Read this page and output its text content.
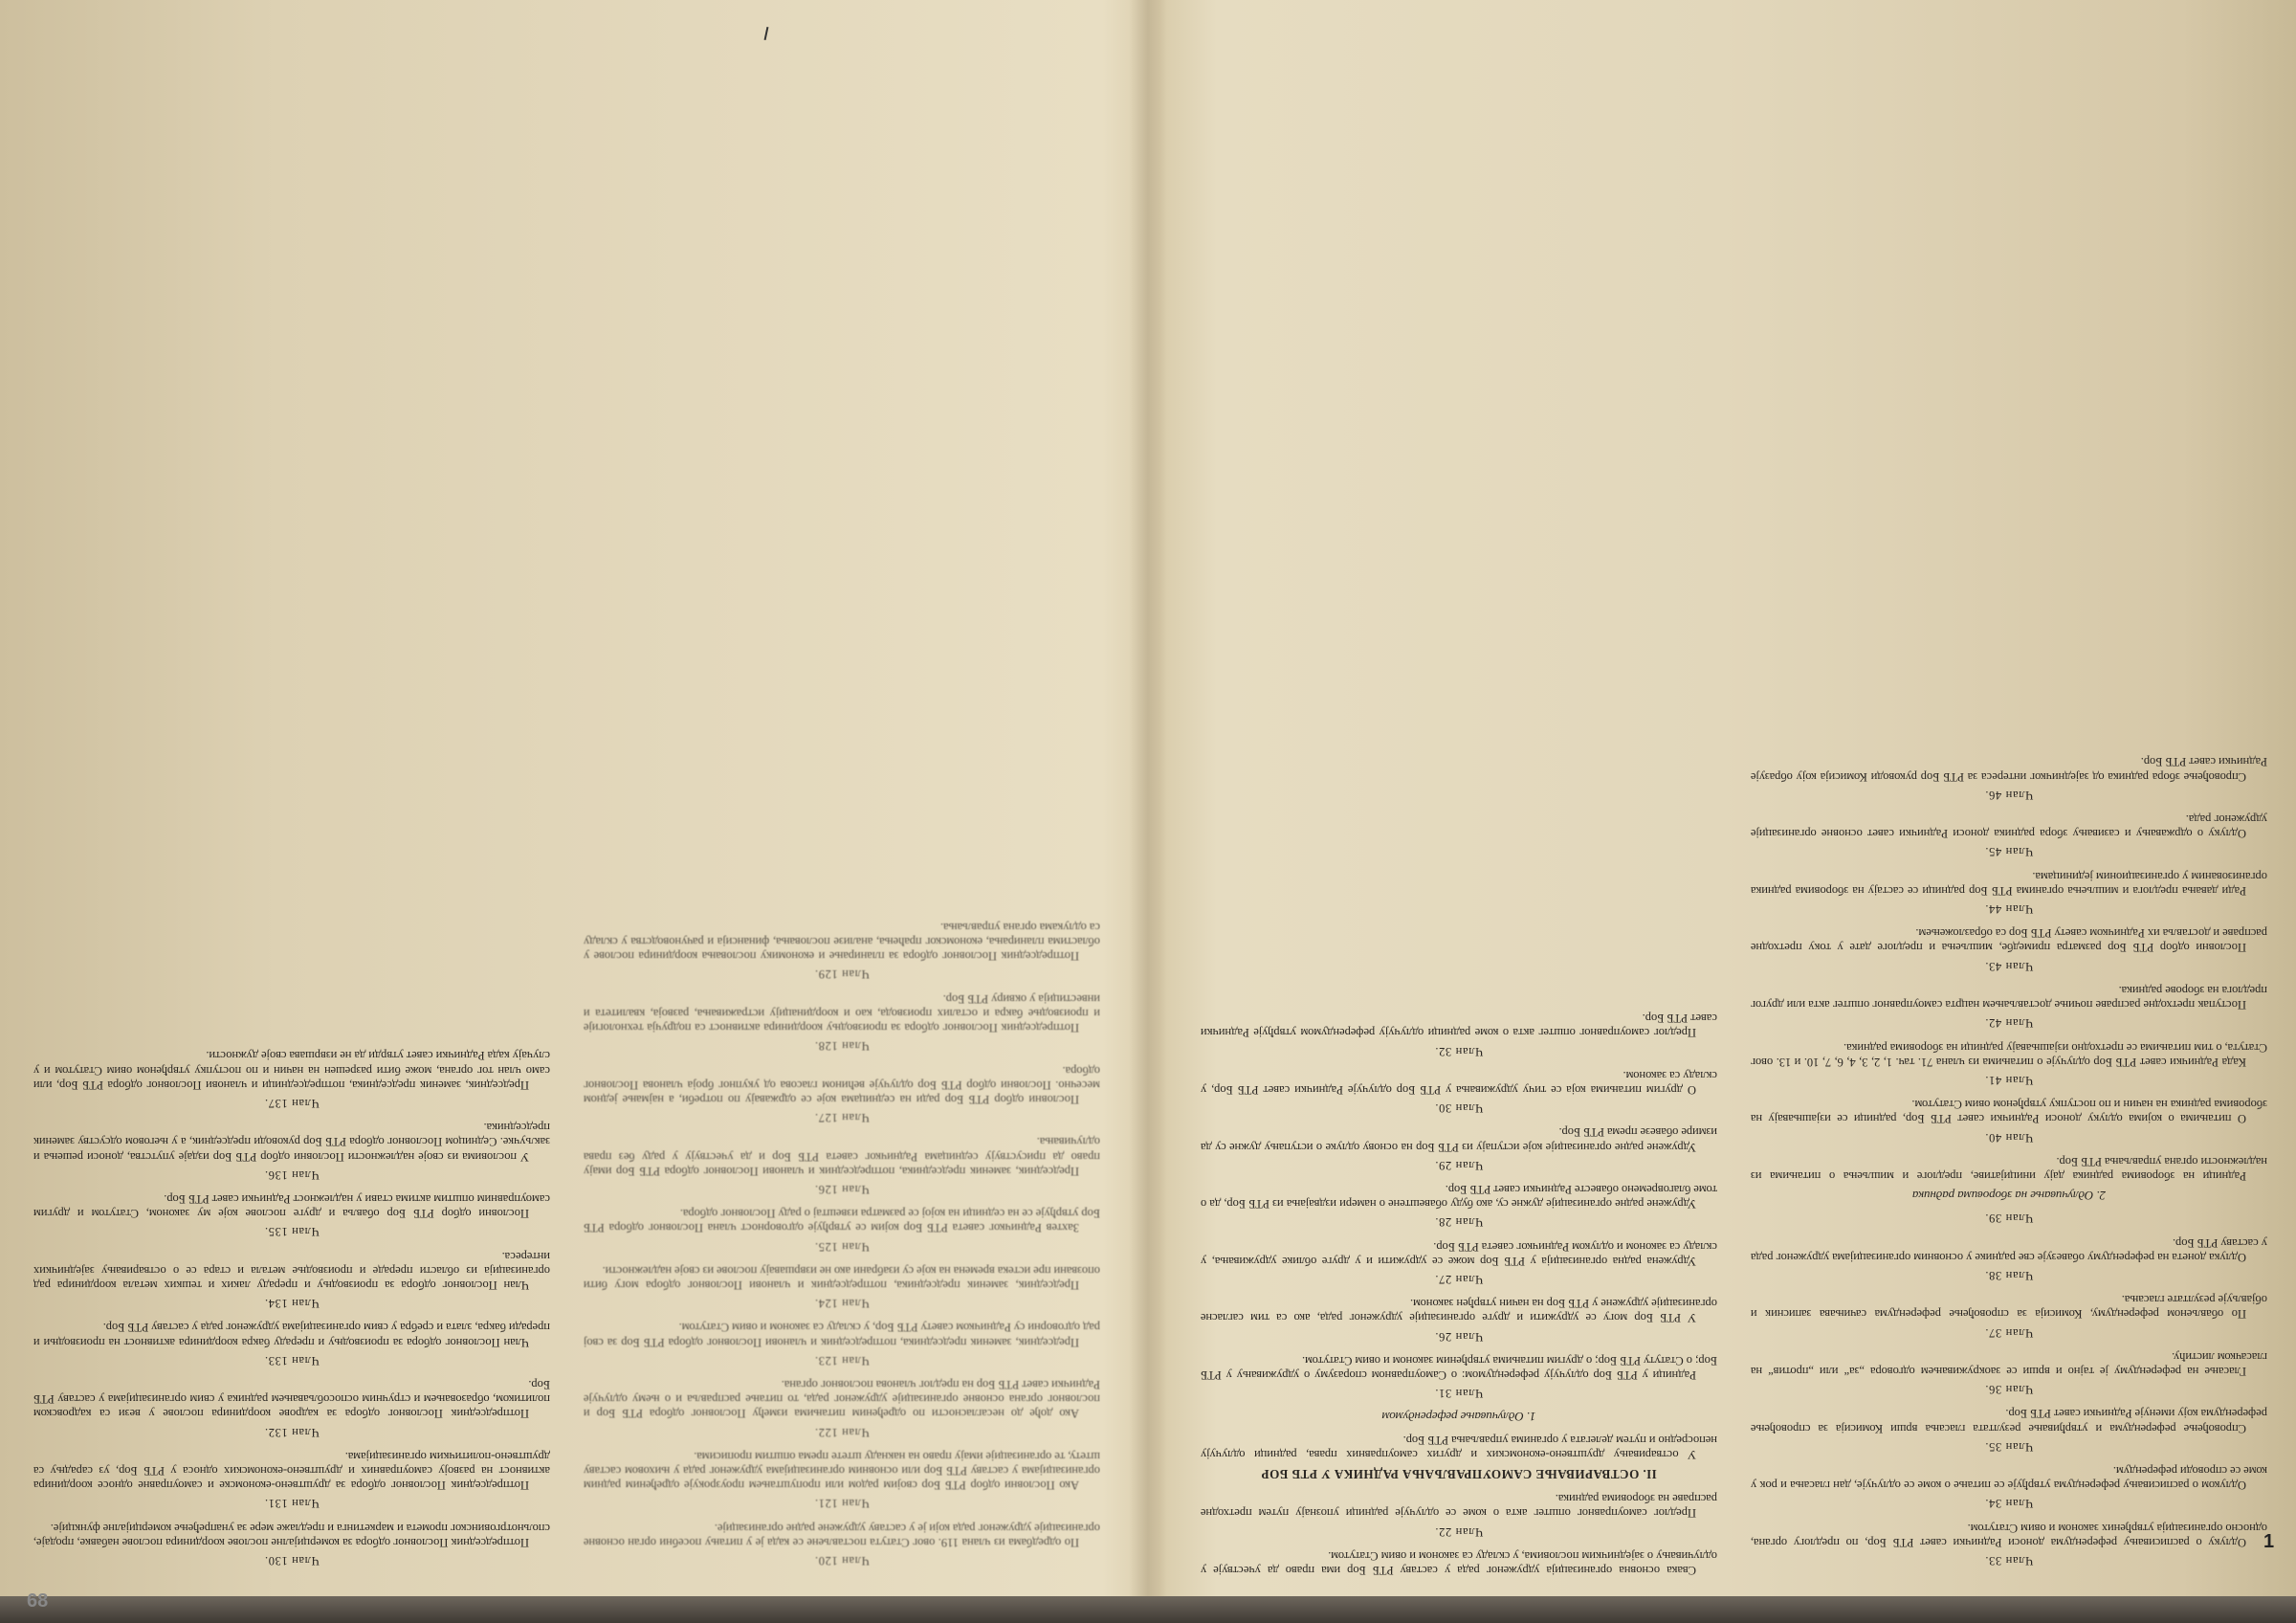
Члан 120.
По одредбама из члана 119. овог Статута постављене се када је у питању посебни орган основне организације удруженог рада који је у саставу удружене радне организације.
Члан 121.
Ако Пословни одбор РТБ Бор својим радом или пропуштањем проузрокује одређеним радним организацијама у саставу РТБ Бор или основним организацијама удруженог рада у њиховом саставу штету, те организације имају право на накнаду штете према општим прописима.
Члан 122.
Ако дође до несагласности по одређеним питањима између Пословног одбора РТБ Бор и пословног органа основне организације удруженог рада, то питање расправља и о њему одлучује Раднички савет РТБ Бор на предлог чланова пословног органа.
Члан 123.
Председник, заменик председника, потпредседник и чланови Пословног одбора РТБ Бор за свој рад одговорни су Радничком савету РТБ Бор, у складу са законом и овим Статутом.
Члан 124.
Председник, заменик председника, потпредседник и чланови Пословног одбора могу бити опозвани пре истека времена на које су изабрани ако не извршавају послове из своје надлежности.
Члан 125.
Захтев Радничког савета РТБ Бор којим се утврђује одговорност члана Пословног одбора РТБ Бор утврђује се на седници на којој се разматра извештај о раду Пословног одбора.
Члан 126.
Председник, заменик председника, потпредседник и чланови Пословног одбора РТБ Бор имају право да присуствују седницама Радничког савета РТБ Бор и да учествују у раду без права одлучивања.
Члан 127.
Пословни одбор РТБ Бор ради на седницама које се одржавају по потреби, а најмање једном месечно. Пословни одбор РТБ Бор одлучује већином гласова од укупног броја чланова Пословног одбора.
Члан 128.
Потпредседник Пословног одбора за производњу координира активност са подручја технологије и производње бакра и осталих производа, као и координацију истраживања, развоја, квалитета и инвестиција у оквиру РТБ Бор.
Члан 129.
Потпредседник Пословног одбора за планирање и економику пословања координира послове у областима планирања, економског праћења, анализе пословања, финансија и рачуноводства у складу са одлукама органа управљања.
Члан 130.
Потпредседник Пословног одбора за комерцијалне послове координира послове набавке, продаје, спољнотрговинског промета и маркетинга и предлаже мере за унапређење комерцијалне функције.
Члан 131.
Потпредседник Пословног одбора за друштвено-економске и самоуправне односе координира активност на развоју самоуправних и друштвено-економских односа у РТБ Бор, уз сарадњу са друштвено-политичким организацијама.
Члан 132.
Потпредседник Пословног одбора за кадрове координира послове у вези са кадровском политиком, образовањем и стручним оспособљавањем радника у свим организацијама у саставу РТБ Бор.
Члан 133.
Члан Пословног одбора за производњу и прераду бакра координира активност на производњи и преради бакра, злата и сребра у свим организацијама удруженог рада у саставу РТБ Бор.
Члан 134.
Члан Пословног одбора за производњу и прераду лаких и тешких метала координира рад организација из области прераде и производње метала и стара се о остваривању заједничких интереса.
Члан 135.
Пословни одбор РТБ Бор обавља и друге послове које му законом, Статутом и другим самоуправним општим актима стави у надлежност Раднички савет РТБ Бор.
Члан 136.
У пословима из своје надлежности Пословни одбор РТБ Бор издаје упутства, доноси решења и закључке. Седницом Пословног одбора РТБ Бор руководи председник, а у његовом одсуству заменик председника.
Члан 137.
Председник, заменик председника, потпредседници и чланови Пословног одбора РТБ Бор, или само члан тог органа, може бити разрешен на начин и по поступку утврђеном овим Статутом и у случају када Раднички савет утврди да не извршава своје дужности.
Члан 33.
Одлуку о расписивању референдума доноси Раднички савет РТБ Бор, по предлогу органа, односно организација утврђених законом и овим Статутом.
Члан 34.
Одлуком о расписивању референдума утврђује се питање о коме се одлучује, дан гласања и рок у коме се спроводи референдум.
Члан 35.
Спровођење референдума и утврђивање резултата гласања врши Комисија за спровођење референдума коју именује Раднички савет РТБ Бор.
Члан 36.
Гласање на референдуму је тајно и врши се заокруживањем одговора „за“ или „против“ на гласачком листићу.
Члан 37.
По обављеном референдуму, Комисија за спровођење референдума сачињава записник и објављује резултате гласања.
Члан 38.
Одлука донета на референдуму обавезује све раднике у основним организацијама удруженог рада у саставу РТБ Бор.
Члан 39.
2. Одлучивање на зборовима радника
Радници на зборовима радника дају иницијативе, предлоге и мишљења о питањима из надлежности органа управљања РТБ Бор.
Члан 40.
О питањима о којима одлуку доноси Раднички савет РТБ Бор, радници се изјашњавају на зборовима радника на начин и по поступку утврђеном овим Статутом.
Члан 41.
Када Раднички савет РТБ Бор одлучује о питањима из члана 71. тач. 1, 2, 3, 4, 6, 7, 10. и 13. овог Статута, о тим питањима се претходно изјашњавају радници на зборовима радника.
Члан 42.
Поступак претходне расправе почиње достављањем нацрта самоуправног општег акта или другог предлога на зборове радника.
Члан 43.
Пословни одбор РТБ Бор разматра примедбе, мишљења и предлоге дате у току претходне расправе и доставља их Радничком савету РТБ Бор са образложењем.
Члан 44.
Ради давања предлога и мишљења органима РТБ Бор радници се састају на зборовима радника организованим у организационим јединицама.
Члан 45.
Одлуку о одржавању и сазивању збора радника доноси Раднички савет основне организације удруженог рада.
Члан 46.
Спровођење збора радника од заједничког интереса за РТБ Бор руководи Комисија коју образује Раднички савет РТБ Бор.
Свака основна организација удруженог рада у саставу РТБ Бор има право да учествује у одлучивању о заједничким пословима, у складу са законом и овим Статутом.
Члан 22.
Предлог самоуправног општег акта о коме се одлучује радници упознају путем претходне расправе на зборовима радника.
II. ОСТВАРИВАЊЕ САМОУПРАВЉАЊА РАДНИКА У РТБ БОР
У остваривању друштвено-економских и других самоуправних права, радници одлучују непосредно и путем делегата у органима управљања РТБ Бор.
1. Одлучивање референдумом
Члан 31.
Радници у РТБ Бор одлучују референдумом: о Самоуправном споразуму о удруживању у РТБ Бор; о Статуту РТБ Бор; о другим питањима утврђеним законом и овим Статутом.
Члан 26.
У РТБ Бор могу се удружити и друге организације удруженог рада, ако са тим сагласне организације удружене у РТБ Бор на начин утврђен законом.
Члан 27.
Удружена радна организација у РТБ Бор може се удружити и у друге облике удруживања, у складу са законом и одлуком Радничког савета РТБ Бор.
Члан 28.
Удружене радне организације дужне су, ако буду обавештене о намери издвајања из РТБ Бор, да о томе благовремено обавесте Раднички савет РТБ Бор.
Члан 29.
Удружене радне организације које иступају из РТБ Бор на основу одлуке о иступању дужне су да измире обавезе према РТБ Бор.
Члан 30.
О другим питањима која се тичу удруживања у РТБ Бор одлучује Раднички савет РТБ Бор, у складу са законом.
Члан 32.
Предлог самоуправног општег акта о коме радници одлучују референдумом утврђује Раднички савет РТБ Бор.
68
1
